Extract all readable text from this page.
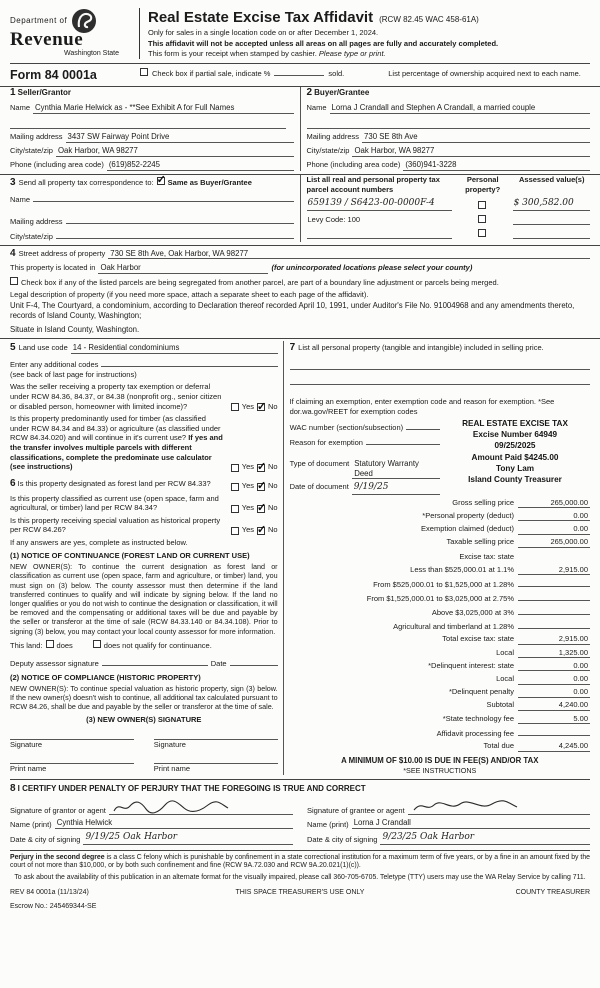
Department of
Revenue
Washington State
Real Estate Excise Tax Affidavit (RCW 82.45 WAC 458-61A)
Only for sales in a single location code on or after December 1, 2024.
This affidavit will not be accepted unless all areas on all pages are fully and accurately completed.
This form is your receipt when stamped by cashier. Please type or print.
Form 84 0001a	Check box if partial sale, indicate %	sold.	List percentage of ownership acquired next to each name.
1 Seller/Grantor
Name Cynthia Marie Helwick as - **See Exhibit A for Full Names
Mailing address 3437 SW Fairway Point Drive
City/state/zip Oak Harbor, WA 98277
Phone (including area code) (619)852-2245
2 Buyer/Grantee
Name Lorna J Crandall and Stephen A Crandall, a married couple
Mailing address 730 SE 8th Ave
City/state/zip Oak Harbor, WA 98277
Phone (including area code) (360)941-3228
3 Send all property tax correspondence to: ✓ Same as Buyer/Grantee
Name
Mailing address
City/state/zip
List all real and personal property tax parcel account numbers
Personal property?
Assessed value(s)
659139 / S6423-00-0000F-4	$ 300,582.00
Levy Code: 100
4 Street address of property 730 SE 8th Ave, Oak Harbor, WA 98277
This property is located in Oak Harbor	(for unincorporated locations please select your county)
Check box if any of the listed parcels are being segregated from another parcel, are part of a boundary line adjustment or parcels being merged.
Legal description of property (if you need more space, attach a separate sheet to each page of the affidavit).
Unit F-4, The Courtyard, a condominium, according to Declaration thereof recorded April 10, 1991, under Auditor's File No. 91004968 and any amendments thereto, records of Island County, Washington;
Situate in Island County, Washington.
5 Land use code 14 - Residential condominiums
Enter any additional codes
(see back of last page for instructions)
Was the seller receiving a property tax exemption or deferral under RCW 84.36, 84.37, or 84.38 (nonprofit org., senior citizen or disabled person, homeowner with limited income)?	Yes ✓ No
Is this property predominantly used for timber (as classified under RCW 84.34 and 84.33) or agriculture (as classified under RCW 84.34.020) and will continue in it's current use? If yes and the transfer involves multiple parcels with different classifications, complete the predominate use calculator (see instructions)	Yes ✓ No
6 Is this property designated as forest land per RCW 84.33?	Yes ✓ No
Is this property classified as current use (open space, farm and agricultural, or timber) land per RCW 84.34?	Yes ✓ No
Is this property receiving special valuation as historical property per RCW 84.26?	Yes ✓ No
If any answers are yes, complete as instructed below.
(1) NOTICE OF CONTINUANCE (FOREST LAND OR CURRENT USE)
NEW OWNER(S): To continue the current designation as forest land or classification as current use (open space, farm and agriculture, or timber) land, you must sign on (3) below. The county assessor must then determine if the land transferred continues to qualify and will indicate by signing below. If the land no longer qualifies or you do not wish to continue the designation or classification, it will be removed and the compensating or additional taxes will be due and payable by the seller or transferor at the time of sale (RCW 84.33.140 or 84.34.108). Prior to signing (3) below, you may contact your local county assessor for more information.
This land: does	does not qualify for continuance.
Deputy assessor signature	Date
(2) NOTICE OF COMPLIANCE (HISTORIC PROPERTY)
NEW OWNER(S): To continue special valuation as historic property, sign (3) below. If the new owner(s) doesn't wish to continue, all additional tax calculated pursuant to RCW 84.26, shall be due and payable by the seller or transferor at the time of sale.
(3) NEW OWNER(S) SIGNATURE
Signature
Print name
Signature
Print name
7 List all personal property (tangible and intangible) included in selling price.
If claiming an exemption, enter exemption code and reason for exemption. *See dor.wa.gov/REET for exemption codes
WAC number (section/subsection)
Reason for exemption
Type of document Statutory Warranty Deed
Date of document 9/19/25
REAL ESTATE EXCISE TAX
Excise Number 64949
09/25/2025
Amount Paid $4245.00
Tony Lam
Island County Treasurer
Gross selling price	265,000.00
*Personal property (deduct)	0.00
Exemption claimed (deduct)	0.00
Taxable selling price	265,000.00
Excise tax: state
Less than $525,000.01 at 1.1%	2,915.00
From $525,000.01 to $1,525,000 at 1.28%
From $1,525,000.01 to $3,025,000 at 2.75%
Above $3,025,000 at 3%
Agricultural and timberland at 1.28%
Total excise tax: state	2,915.00
Local	1,325.00
*Delinquent interest: state	0.00
Local	0.00
*Delinquent penalty	0.00
Subtotal	4,240.00
*State technology fee	5.00
Affidavit processing fee
Total due	4,245.00
A MINIMUM OF $10.00 IS DUE IN FEE(S) AND/OR TAX
*SEE INSTRUCTIONS
8 I CERTIFY UNDER PENALTY OF PERJURY THAT THE FOREGOING IS TRUE AND CORRECT
Signature of grantor or agent
Name (print) Cynthia Helwick
Date & city of signing 9/19/25 Oak Harbor
Signature of grantee or agent
Name (print) Lorna J Crandall
Date & city of signing 9/23/25 Oak Harbor
Perjury in the second degree is a class C felony which is punishable by confinement in a state correctional institution for a maximum term of five years, or by a fine in an amount fixed by the court of not more than $10,000, or by both such confinement and fine (RCW 9A.72.030 and RCW 9A.20.021(1)(c)).
To ask about the availability of this publication in an alternate format for the visually impaired, please call 360-705-6705. Teletype (TTY) users may use the WA Relay Service by calling 711.
REV 84 0001a (11/13/24)	THIS SPACE TREASURER'S USE ONLY	COUNTY TREASURER
Escrow No.: 245469344-SE
